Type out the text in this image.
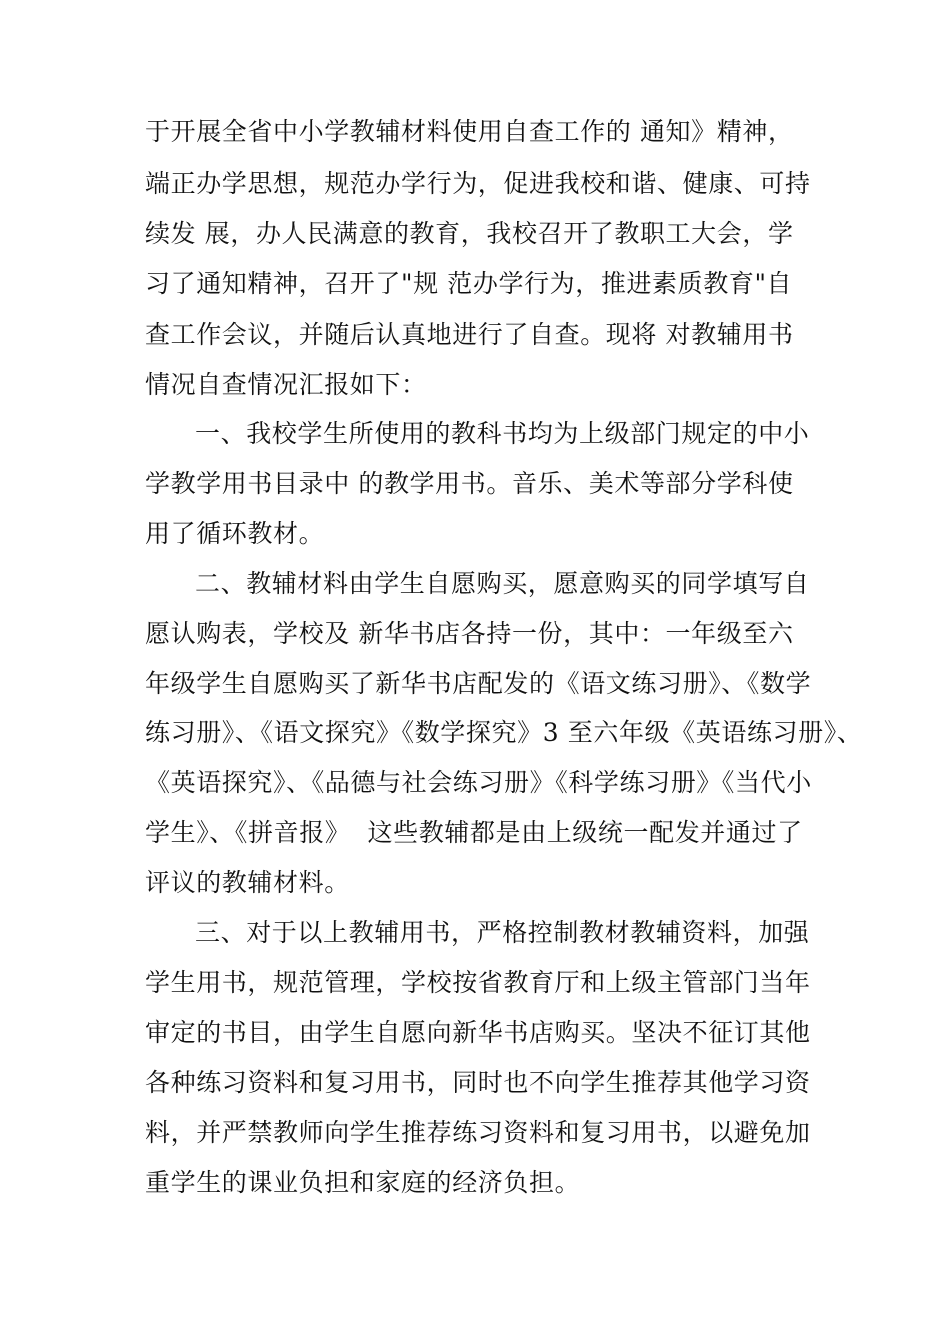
于开展全省中小学教辅材料使用自查工作的 通知》精神，
端正办学思想，规范办学行为，促进我校和谐、健康、可持
续发 展，办人民满意的教育，我校召开了教职工大会，学
习了通知精神，召开了"规 范办学行为，推进素质教育"自
查工作会议，并随后认真地进行了自查。现将 对教辅用书
情况自查情况汇报如下：
一、我校学生所使用的教科书均为上级部门规定的中小
学教学用书目录中 的教学用书。音乐、美术等部分学科使
用了循环教材。
二、教辅材料由学生自愿购买，愿意购买的同学填写自
愿认购表，学校及 新华书店各持一份，其中：一年级至六
年级学生自愿购买了新华书店配发的《语文练习册》、《数学
练习册》、《语文探究》《数学探究》3 至六年级《英语练习册》、
《英语探究》、《品德与社会练习册》《科学练习册》《当代小
学生》、《拼音报》  这些教辅都是由上级统一配发并通过了
评议的教辅材料。
三、对于以上教辅用书，严格控制教材教辅资料，加强
学生用书，规范管理，学校按省教育厅和上级主管部门当年
审定的书目，由学生自愿向新华书店购买。坚决不征订其他
各种练习资料和复习用书，同时也不向学生推荐其他学习资
料，并严禁教师向学生推荐练习资料和复习用书，以避免加
重学生的课业负担和家庭的经济负担。
